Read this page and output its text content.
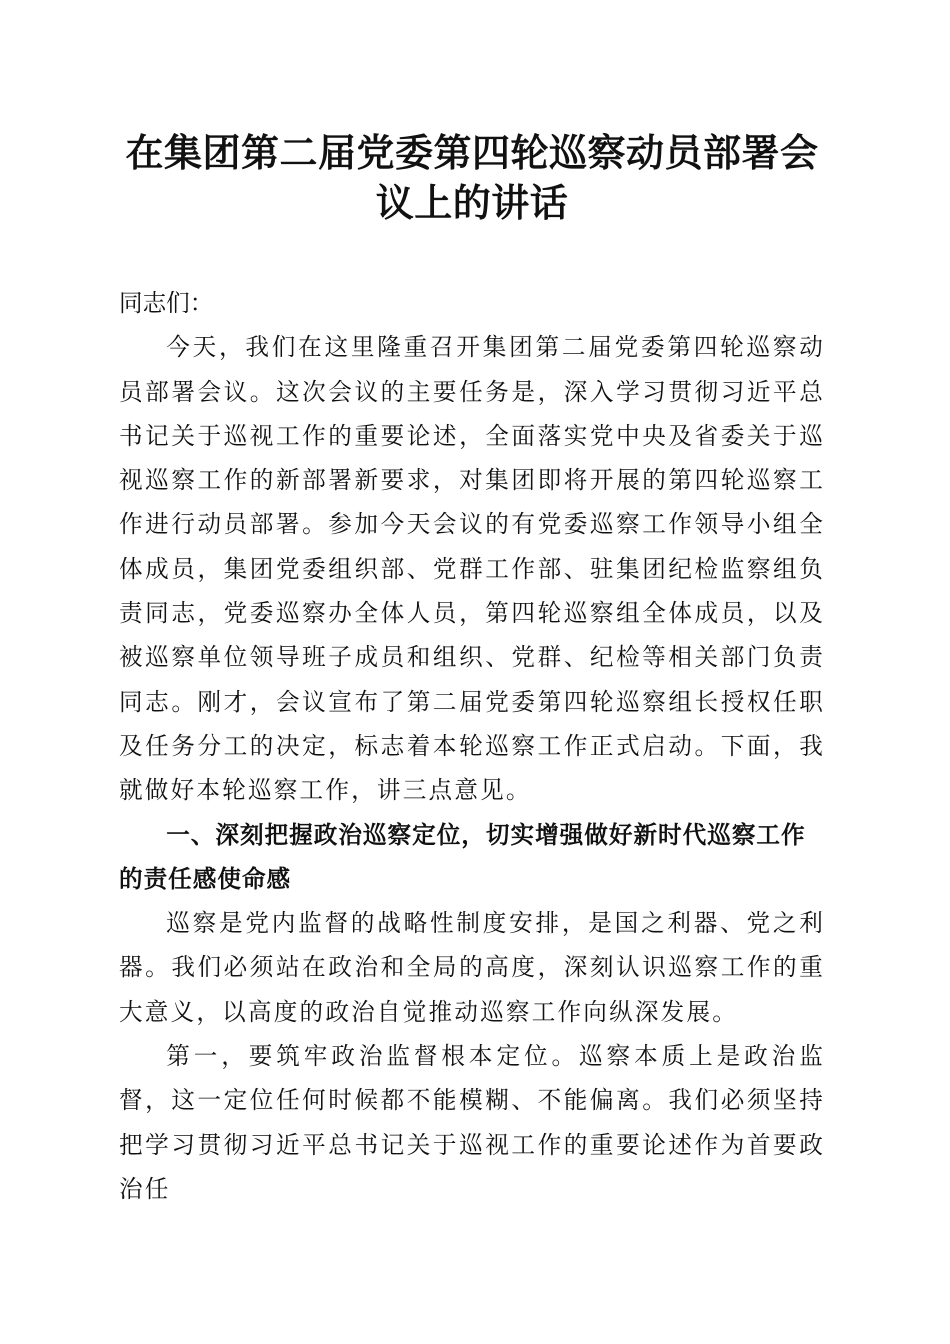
在集团第二届党委第四轮巡察动员部署会议上的讲话

同志们：

今天，我们在这里隆重召开集团第二届党委第四轮巡察动员部署会议。这次会议的主要任务是，深入学习贯彻习近平总书记关于巡视工作的重要论述，全面落实党中央及省委关于巡视巡察工作的新部署新要求，对集团即将开展的第四轮巡察工作进行动员部署。参加今天会议的有党委巡察工作领导小组全体成员，集团党委组织部、党群工作部、驻集团纪检监察组负责同志，党委巡察办全体人员，第四轮巡察组全体成员，以及被巡察单位领导班子成员和组织、党群、纪检等相关部门负责同志。刚才，会议宣布了第二届党委第四轮巡察组长授权任职及任务分工的决定，标志着本轮巡察工作正式启动。下面，我就做好本轮巡察工作，讲三点意见。

一、深刻把握政治巡察定位，切实增强做好新时代巡察工作的责任感使命感

巡察是党内监督的战略性制度安排，是国之利器、党之利器。我们必须站在政治和全局的高度，深刻认识巡察工作的重大意义，以高度的政治自觉推动巡察工作向纵深发展。

第一，要筑牢政治监督根本定位。巡察本质上是政治监督，这一定位任何时候都不能模糊、不能偏离。我们必须坚持把学习贯彻习近平总书记关于巡视工作的重要论述作为首要政治任
